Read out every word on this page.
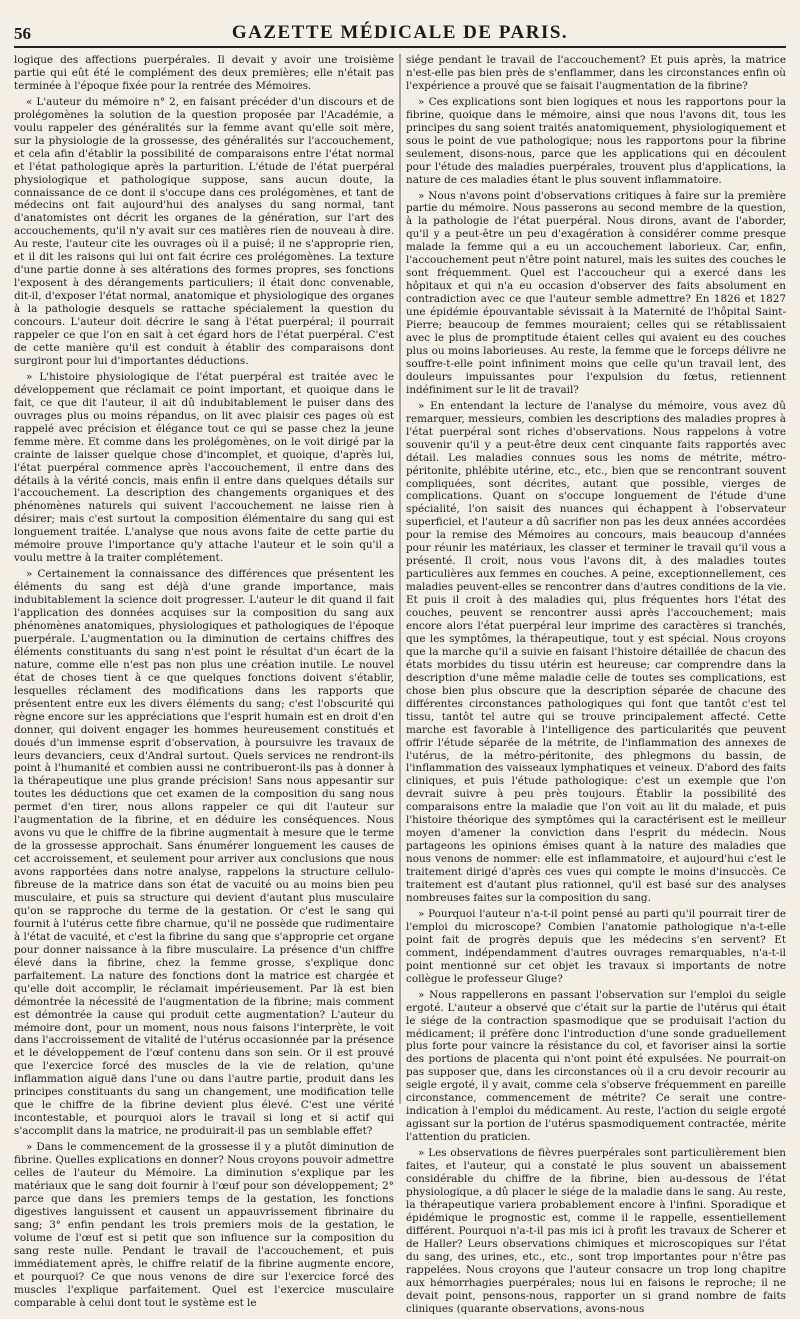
56	GAZETTE MÉDICALE DE PARIS.

logique des affections puerpérales. Il devait y avoir une troisième partie qui eût été le complément des deux premières; elle n'était pas terminée à l'époque fixée pour la rentrée des Mémoires.

« L'auteur du mémoire n° 2, en faisant précéder d'un discours et de prolégomènes la solution de la question proposée par l'Académie, a voulu rappeler des généralités sur la femme avant qu'elle soit mère, sur la physiologie de la grossesse, des généralités sur l'accouchement, et cela afin d'établir la possibilité de comparaisons entre l'état normal et l'état pathologique après la parturition. L'étude de l'état puerpéral physiologique et pathologique suppose, sans aucun doute, la connaissance de ce dont il s'occupe dans ces prolégomènes, et tant de médecins ont fait aujourd'hui des analyses du sang normal, tant d'anatomistes ont décrit les organes de la génération, sur l'art des accouchements, qu'il n'y avait sur ces matières rien de nouveau à dire. Au reste, l'auteur cite les ouvrages où il a puisé; il ne s'approprie rien, et il dit les raisons qui lui ont fait écrire ces prolégomènes. La texture d'une partie donne à ses altérations des formes propres, ses fonctions l'exposent à des dérangements particuliers; il était donc convenable, dit-il, d'exposer l'état normal, anatomique et physiologique des organes à la pathologie desquels se rattache spécialement la question du concours. L'auteur doit décrire le sang à l'état puerpéral; il pourrait rappeler ce que l'on en sait à cet égard hors de l'état puerpéral. C'est de cette manière qu'il est conduit à établir des comparaisons dont surgiront pour lui d'importantes déductions.

» L'histoire physiologique de l'état puerpéral est traitée avec le développement que réclamait ce point important, et quoique dans le fait, ce que dit l'auteur, il ait dû indubitablement le puiser dans des ouvrages plus ou moins répandus, on lit avec plaisir ces pages où est rappelé avec précision et élégance tout ce qui se passe chez la jeune femme mère. Et comme dans les prolégomènes, on le voit dirigé par la crainte de laisser quelque chose d'incomplet, et quoique, d'après lui, l'état puerpéral commence après l'accouchement, il entre dans des détails à la vérité concis, mais enfin il entre dans quelques détails sur l'accouchement. La description des changements organiques et des phénomènes naturels qui suivent l'accouchement ne laisse rien à désirer; mais c'est surtout la composition élémentaire du sang qui est longuement traitée. L'analyse que nous avons faite de cette partie du mémoire prouve l'importance qu'y attache l'auteur et le soin qu'il a voulu mettre à la traiter complétement.

» Certainement la connaissance des différences que présentent les éléments du sang est déjà d'une grande importance, mais indubitablement la science doit progresser. L'auteur le dit quand il fait l'application des données acquises sur la composition du sang aux phénomènes anatomiques, physiologiques et pathologiques de l'époque puerpérale. L'augmentation ou la diminution de certains chiffres des éléments constituants du sang n'est point le résultat d'un écart de la nature, comme elle n'est pas non plus une création inutile. Le nouvel état de choses tient à ce que quelques fonctions doivent s'établir, lesquelles réclament des modifications dans les rapports que présentent entre eux les divers éléments du sang; c'est l'obscurité qui règne encore sur les appréciations que l'esprit humain est en droit d'en donner, qui doivent engager les hommes heureusement constitués et doués d'un immense esprit d'observation, à poursuivre les travaux de leurs devanciers, ceux d'Andral surtout. Quels services ne rendront-ils point à l'humanité et combien aussi ne contribueront-ils pas à donner à la thérapeutique une plus grande précision! Sans nous appesantir sur toutes les déductions que cet examen de la composition du sang nous permet d'en tirer, nous allons rappeler ce qui dit l'auteur sur l'augmentation de la fibrine, et en déduire les conséquences. Nous avons vu que le chiffre de la fibrine augmentait à mesure que le terme de la grossesse approchait. Sans énumérer longuement les causes de cet accroissement, et seulement pour arriver aux conclusions que nous avons rapportées dans notre analyse, rappelons la structure cellulo-fibreuse de la matrice dans son état de vacuité ou au moins bien peu musculaire, et puis sa structure qui devient d'autant plus musculaire qu'on se rapproche du terme de la gestation. Or c'est le sang qui fournit à l'utérus cette fibre charnue, qu'il ne possède que rudimentaire à l'état de vacuité, et c'est la fibrine du sang que s'approprie cet organe pour donner naissance à la fibre musculaire. La présence d'un chiffre élevé dans la fibrine, chez la femme grosse, s'explique donc parfaitement. La nature des fonctions dont la matrice est chargée et qu'elle doit accomplir, le réclamait impérieusement. Par là est bien démontrée la nécessité de l'augmentation de la fibrine; mais comment est démontrée la cause qui produit cette augmentation? L'auteur du mémoire dont, pour un moment, nous nous faisons l'interprète, le voit dans l'accroissement de vitalité de l'utérus occasionnée par la présence et le développement de l'œuf contenu dans son sein. Or il est prouvé que l'exercice forcé des muscles de la vie de relation, qu'une inflammation aiguë dans l'une ou dans l'autre partie, produit dans les principes constituants du sang un changement, une modification telle que le chiffre de la fibrine devient plus élevé. C'est une vérité incontestable, et pourquoi alors le travail si long et si actif qui s'accomplit dans la matrice, ne produirait-il pas un semblable effet?

» Dans le commencement de la grossesse il y a plutôt diminution de fibrine. Quelles explications en donner? Nous croyons pouvoir admettre celles de l'auteur du Mémoire. La diminution s'explique par les matériaux que le sang doit fournir à l'œuf pour son développement; 2° parce que dans les premiers temps de la gestation, les fonctions digestives languissent et causent un appauvrissement fibrinaire du sang; 3° enfin pendant les trois premiers mois de la gestation, le volume de l'œuf est si petit que son influence sur la composition du sang reste nulle. Pendant le travail de l'accouchement, et puis immédiatement après, le chiffre relatif de la fibrine augmente encore, et pourquoi? Ce que nous venons de dire sur l'exercice forcé des muscles l'explique parfaitement. Quel est l'exercice musculaire comparable à celui dont tout le système est le

siége pendant le travail de l'accouchement? Et puis après, la matrice n'est-elle pas bien près de s'enflammer, dans les circonstances enfin où l'expérience a prouvé que se faisait l'augmentation de la fibrine?

» Ces explications sont bien logiques et nous les rapportons pour la fibrine, quoique dans le mémoire, ainsi que nous l'avons dit, tous les principes du sang soient traités anatomiquement, physiologiquement et sous le point de vue pathologique; nous les rapportons pour la fibrine seulement, disons-nous, parce que les applications qui en découlent pour l'étude des maladies puerpérales, trouvent plus d'applications, la nature de ces maladies étant le plus souvent inflammatoire.

» Nous n'avons point d'observations critiques à faire sur la première partie du mémoire. Nous passerons au second membre de la question, à la pathologie de l'état puerpéral. Nous dirons, avant de l'aborder, qu'il y a peut-être un peu d'exagération à considérer comme presque malade la femme qui a eu un accouchement laborieux. Car, enfin, l'accouchement peut n'être point naturel, mais les suites des couches le sont fréquemment. Quel est l'accoucheur qui a exercé dans les hôpitaux et qui n'a eu occasion d'observer des faits absolument en contradiction avec ce que l'auteur semble admettre? En 1826 et 1827 une épidémie épouvantable sévissait à la Maternité de l'hôpital Saint-Pierre; beaucoup de femmes mouraient; celles qui se rétablissaient avec le plus de promptitude étaient celles qui avaient eu des couches plus ou moins laborieuses. Au reste, la femme que le forceps délivre ne souffre-t-elle point infiniment moins que celle qu'un travail lent, des douleurs impuissantes pour l'expulsion du fœtus, retiennent indéfiniment sur le lit de travail?

» En entendant la lecture de l'analyse du mémoire, vous avez dû remarquer, messieurs, combien les descriptions des maladies propres à l'état puerpéral sont riches d'observations. Nous rappelons à votre souvenir qu'il y a peut-être deux cent cinquante faits rapportés avec détail. Les maladies connues sous les noms de métrite, métro-péritonite, phlébite utérine, etc., etc., bien que se rencontrant souvent compliquées, sont décrites, autant que possible, vierges de complications. Quant on s'occupe longuement de l'étude d'une spécialité, l'on saisit des nuances qui échappent à l'observateur superficiel, et l'auteur a dû sacrifier non pas les deux années accordées pour la remise des Mémoires au concours, mais beaucoup d'années pour réunir les matériaux, les classer et terminer le travail qu'il vous a présenté. Il croit, nous vous l'avons dit, à des maladies toutes particulières aux femmes en couches. A peine, exceptionnellement, ces maladies peuvent-elles se rencontrer dans d'autres conditions de la vie. Et puis il croit à des maladies qui, plus fréquentes hors l'état des couches, peuvent se rencontrer aussi après l'accouchement; mais encore alors l'état puerpéral leur imprime des caractères si tranchés, que les symptômes, la thérapeutique, tout y est spécial. Nous croyons que la marche qu'il a suivie en faisant l'histoire détaillée de chacun des états morbides du tissu utérin est heureuse; car comprendre dans la description d'une même maladie celle de toutes ses complications, est chose bien plus obscure que la description séparée de chacune des différentes circonstances pathologiques qui font que tantôt c'est tel tissu, tantôt tel autre qui se trouve principalement affecté. Cette marche est favorable à l'intelligence des particularités que peuvent offrir l'étude séparée de la métrite, de l'inflammation des annexes de l'utérus, de la métro-péritonite, des phlegmons du bassin, de l'inflammation des vaisseaux lymphatiques et veineux. D'abord des faits cliniques, et puis l'étude pathologique: c'est un exemple que l'on devrait suivre à peu près toujours. Établir la possibilité des comparaisons entre la maladie que l'on voit au lit du malade, et puis l'histoire théorique des symptômes qui la caractérisent est le meilleur moyen d'amener la conviction dans l'esprit du médecin. Nous partageons les opinions émises quant à la nature des maladies que nous venons de nommer: elle est inflammatoire, et aujourd'hui c'est le traitement dirigé d'après ces vues qui compte le moins d'insuccès. Ce traitement est d'autant plus rationnel, qu'il est basé sur des analyses nombreuses faites sur la composition du sang.

» Pourquoi l'auteur n'a-t-il point pensé au parti qu'il pourrait tirer de l'emploi du microscope? Combien l'anatomie pathologique n'a-t-elle point fait de progrès depuis que les médecins s'en servent? Et comment, indépendamment d'autres ouvrages remarquables, n'a-t-il point mentionné sur cet objet les travaux si importants de notre collègue le professeur Gluge?

» Nous rappellerons en passant l'observation sur l'emploi du seigle ergoté. L'auteur a observé que c'était sur la partie de l'utérus qui était le siége de la contraction spasmodique que se produisait l'action du médicament; il préfère donc l'introduction d'une sonde graduellement plus forte pour vaincre la résistance du col, et favoriser ainsi la sortie des portions de placenta qui n'ont point été expulsées. Ne pourrait-on pas supposer que, dans les circonstances où il a cru devoir recourir au seigle ergoté, il y avait, comme cela s'observe fréquemment en pareille circonstance, commencement de métrite? Ce serait une contre-indication à l'emploi du médicament. Au reste, l'action du seigle ergoté agissant sur la portion de l'utérus spasmodiquement contractée, mérite l'attention du praticien.

» Les observations de fièvres puerpérales sont particulièrement bien faites, et l'auteur, qui a constaté le plus souvent un abaissement considérable du chiffre de la fibrine, bien au-dessous de l'état physiologique, a dû placer le siége de la maladie dans le sang. Au reste, la thérapeutique variera probablement encore à l'infini. Sporadique et épidémique le prognostic est, comme il le rappelle, essentiellement différent. Pourquoi n'a-t-il pas mis ici à profit les travaux de Scherer et de Haller? Leurs observations chimiques et microscopiques sur l'état du sang, des urines, etc., etc., sont trop importantes pour n'être pas rappelées. Nous croyons que l'auteur consacre un trop long chapitre aux hémorrhagies puerpérales; nous lui en faisons le reproche; il ne devait point, pensons-nous, rapporter un si grand nombre de faits cliniques (quarante observations, avons-nous
